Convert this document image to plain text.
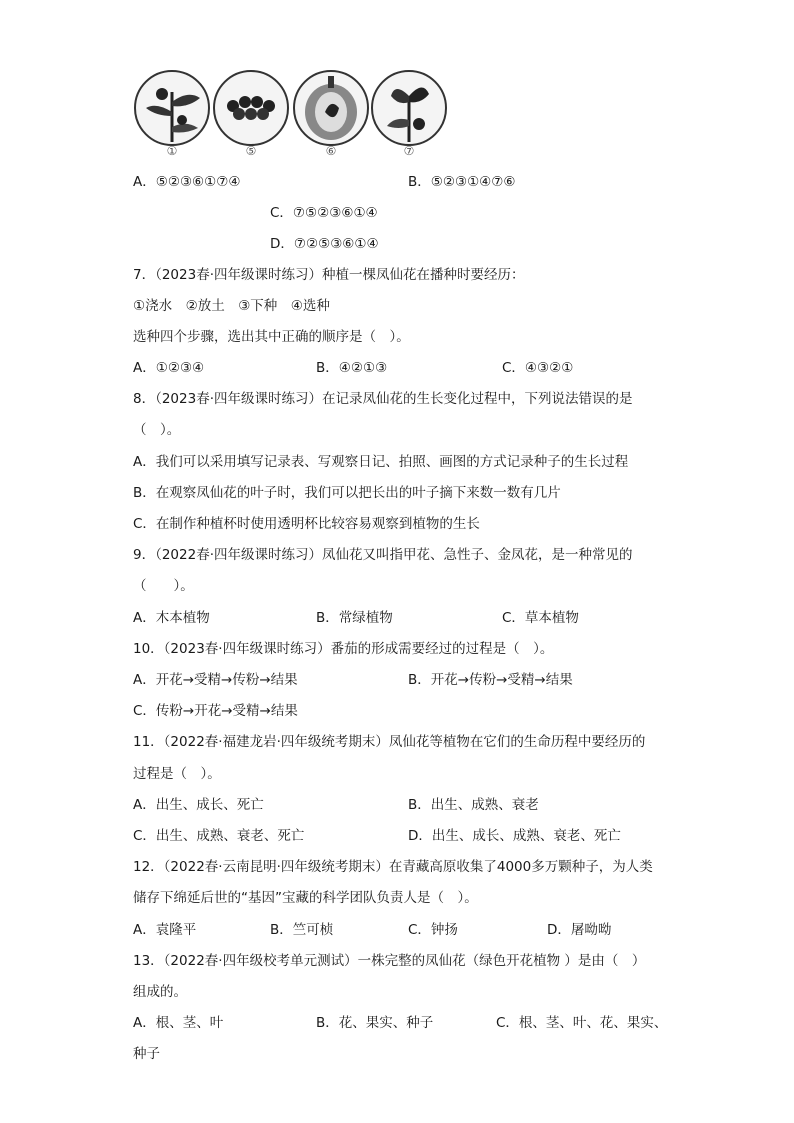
①	⑤	⑥	⑦
A．⑤②③⑥①⑦④	B．⑤②③①④⑦⑥
C．⑦⑤②③⑥①④
D．⑦②⑤③⑥①④
7．（2023春·四年级课时练习）种植一棵凤仙花在播种时要经历：
①浇水　②放土　③下种　④选种
选种四个步骤，选出其中正确的顺序是（　）。
A．①②③④	B．④②①③	C．④③②①
8．（2023春·四年级课时练习）在记录凤仙花的生长变化过程中，下列说法错误的是
（　）。
A．我们可以采用填写记录表、写观察日记、拍照、画图的方式记录种子的生长过程
B．在观察凤仙花的叶子时，我们可以把长出的叶子摘下来数一数有几片
C．在制作种植杯时使用透明杯比较容易观察到植物的生长
9．（2022春·四年级课时练习）凤仙花又叫指甲花、急性子、金凤花，是一种常见的
（　　）。
A．木本植物	B．常绿植物	C．草本植物
10．（2023春·四年级课时练习）番茄的形成需要经过的过程是（　）。
A．开花→受精→传粉→结果	B．开花→传粉→受精→结果
C．传粉→开花→受精→结果
11．（2022春·福建龙岩·四年级统考期末）凤仙花等植物在它们的生命历程中要经历的
过程是（　）。
A．出生、成长、死亡	B．出生、成熟、衰老
C．出生、成熟、衰老、死亡	D．出生、成长、成熟、衰老、死亡
12．（2022春·云南昆明·四年级统考期末）在青藏高原收集了4000多万颗种子，为人类
储存下绵延后世的“基因”宝藏的科学团队负责人是（　）。
A．袁隆平	B．竺可桢	C．钟扬	D．屠呦呦
13．（2022春·四年级校考单元测试）一株完整的凤仙花（绿色开花植物 ）是由（　）
组成的。
A．根、茎、叶	B．花、果实、种子	C．根、茎、叶、花、果实、
种子
